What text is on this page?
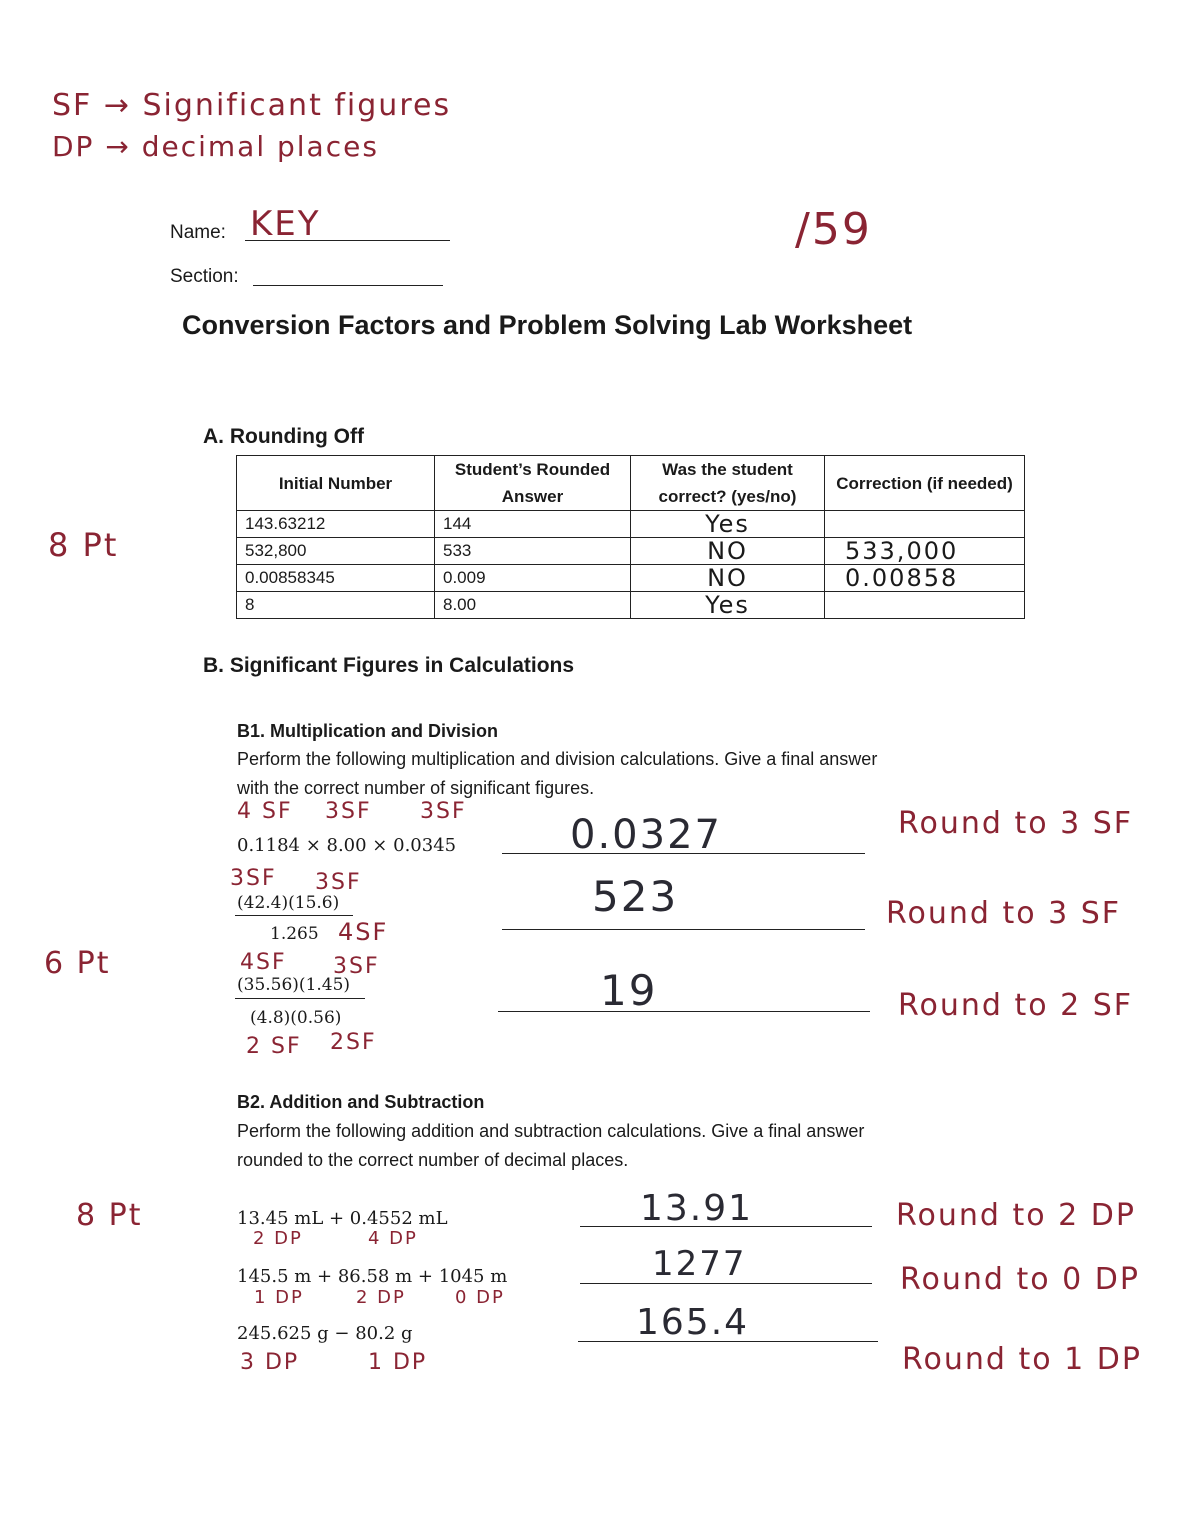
SF → Significant figures
DP → decimal places
Name: KEY	/59
Section:
Conversion Factors and Problem Solving Lab Worksheet
A. Rounding Off
8 Pt
Initial Number	Student’s Rounded Answer	Was the student correct? (yes/no)	Correction (if needed)
143.63212	144	Yes	
532,800	533	NO	533,000
0.00858345	0.009	NO	0.00858
8	8.00	Yes	
B. Significant Figures in Calculations
B1. Multiplication and Division
Perform the following multiplication and division calculations. Give a final answer
with the correct number of significant figures.
6 Pt
4 SF 3SF 3SF
0.1184 × 8.00 × 0.0345	0.0327	Round to 3 SF
3SF 3SF
(42.4)(15.6)
1.265 4SF
523	Round to 3 SF
4SF 3SF
(35.56)(1.45)
(4.8)(0.56)
2 SF 2SF
19	Round to 2 SF
B2. Addition and Subtraction
Perform the following addition and subtraction calculations. Give a final answer
rounded to the correct number of decimal places.
8 Pt	13.45 mL + 0.4552 mL
2 DP	4 DP
13.91	Round to 2 DP
145.5 m + 86.58 m + 1045 m
1 DP	2 DP	0 DP
1277	Round to 0 DP
245.625 g − 80.2 g
3 DP	1 DP
165.4
Round to 1 DP
